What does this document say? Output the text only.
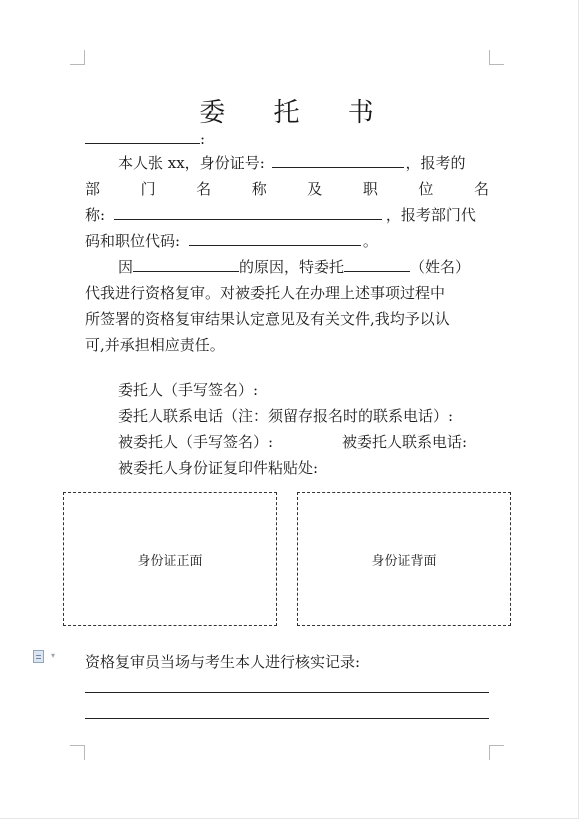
委 托 书
:
本人张 xx，身份证号:	，报考的
部	门	名	称	及	职	位	名
称:	，报考部门代
码和职位代码:	。
因	的原因，特委托	（姓名）
代我进行资格复审。对被委托人在办理上述事项过程中
所签署的资格复审结果认定意见及有关文件,我均予以认
可,并承担相应责任。
委托人（手写签名）:
委托人联系电话（注：须留存报名时的联系电话）:
被委托人（手写签名）:	被委托人联系电话:
被委托人身份证复印件粘贴处:
身份证正面	身份证背面
▾ 资格复审员当场与考生本人进行核实记录:
